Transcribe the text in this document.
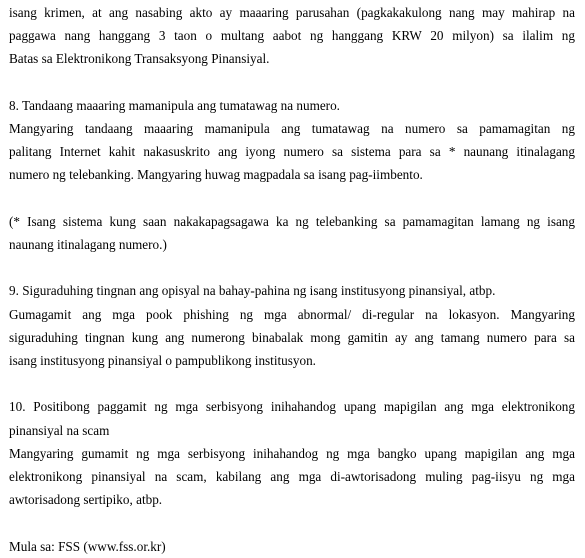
isang krimen, at ang nasabing akto ay maaaring parusahan (pagkakakulong nang may mahirap na
paggawa nang hanggang 3 taon o multang aabot ng hanggang KRW 20 milyon) sa ilalim ng
Batas sa Elektronikong Transaksyong Pinansiyal.
8. Tandaang maaaring mamanipula ang tumatawag na numero.
Mangyaring tandaang maaaring mamanipula ang tumatawag na numero sa pamamagitan ng
palitang Internet kahit nakasuskrito ang iyong numero sa sistema para sa * naunang itinalagang
numero ng telebanking. Mangyaring huwag magpadala sa isang pag-iimbento.
(* Isang sistema kung saan nakakapagsagawa ka ng telebanking sa pamamagitan lamang ng isang
naunang itinalagang numero.)
9. Siguraduhing tingnan ang opisyal na bahay-pahina ng isang institusyong pinansiyal, atbp.
Gumagamit ang mga pook phishing ng mga abnormal/ di-regular na lokasyon. Mangyaring
siguraduhing tingnan kung ang numerong binabalak mong gamitin ay ang tamang numero para sa
isang institusyong pinansiyal o pampublikong institusyon.
10. Positibong paggamit ng mga serbisyong inihahandog upang mapigilan ang mga elektronikong
pinansiyal na scam
Mangyaring gumamit ng mga serbisyong inihahandog ng mga bangko upang mapigilan ang mga
elektronikong pinansiyal na scam, kabilang ang mga di-awtorisadong muling pag-iisyu ng mga
awtorisadong sertipiko, atbp.
Mula sa: FSS (www.fss.or.kr)
